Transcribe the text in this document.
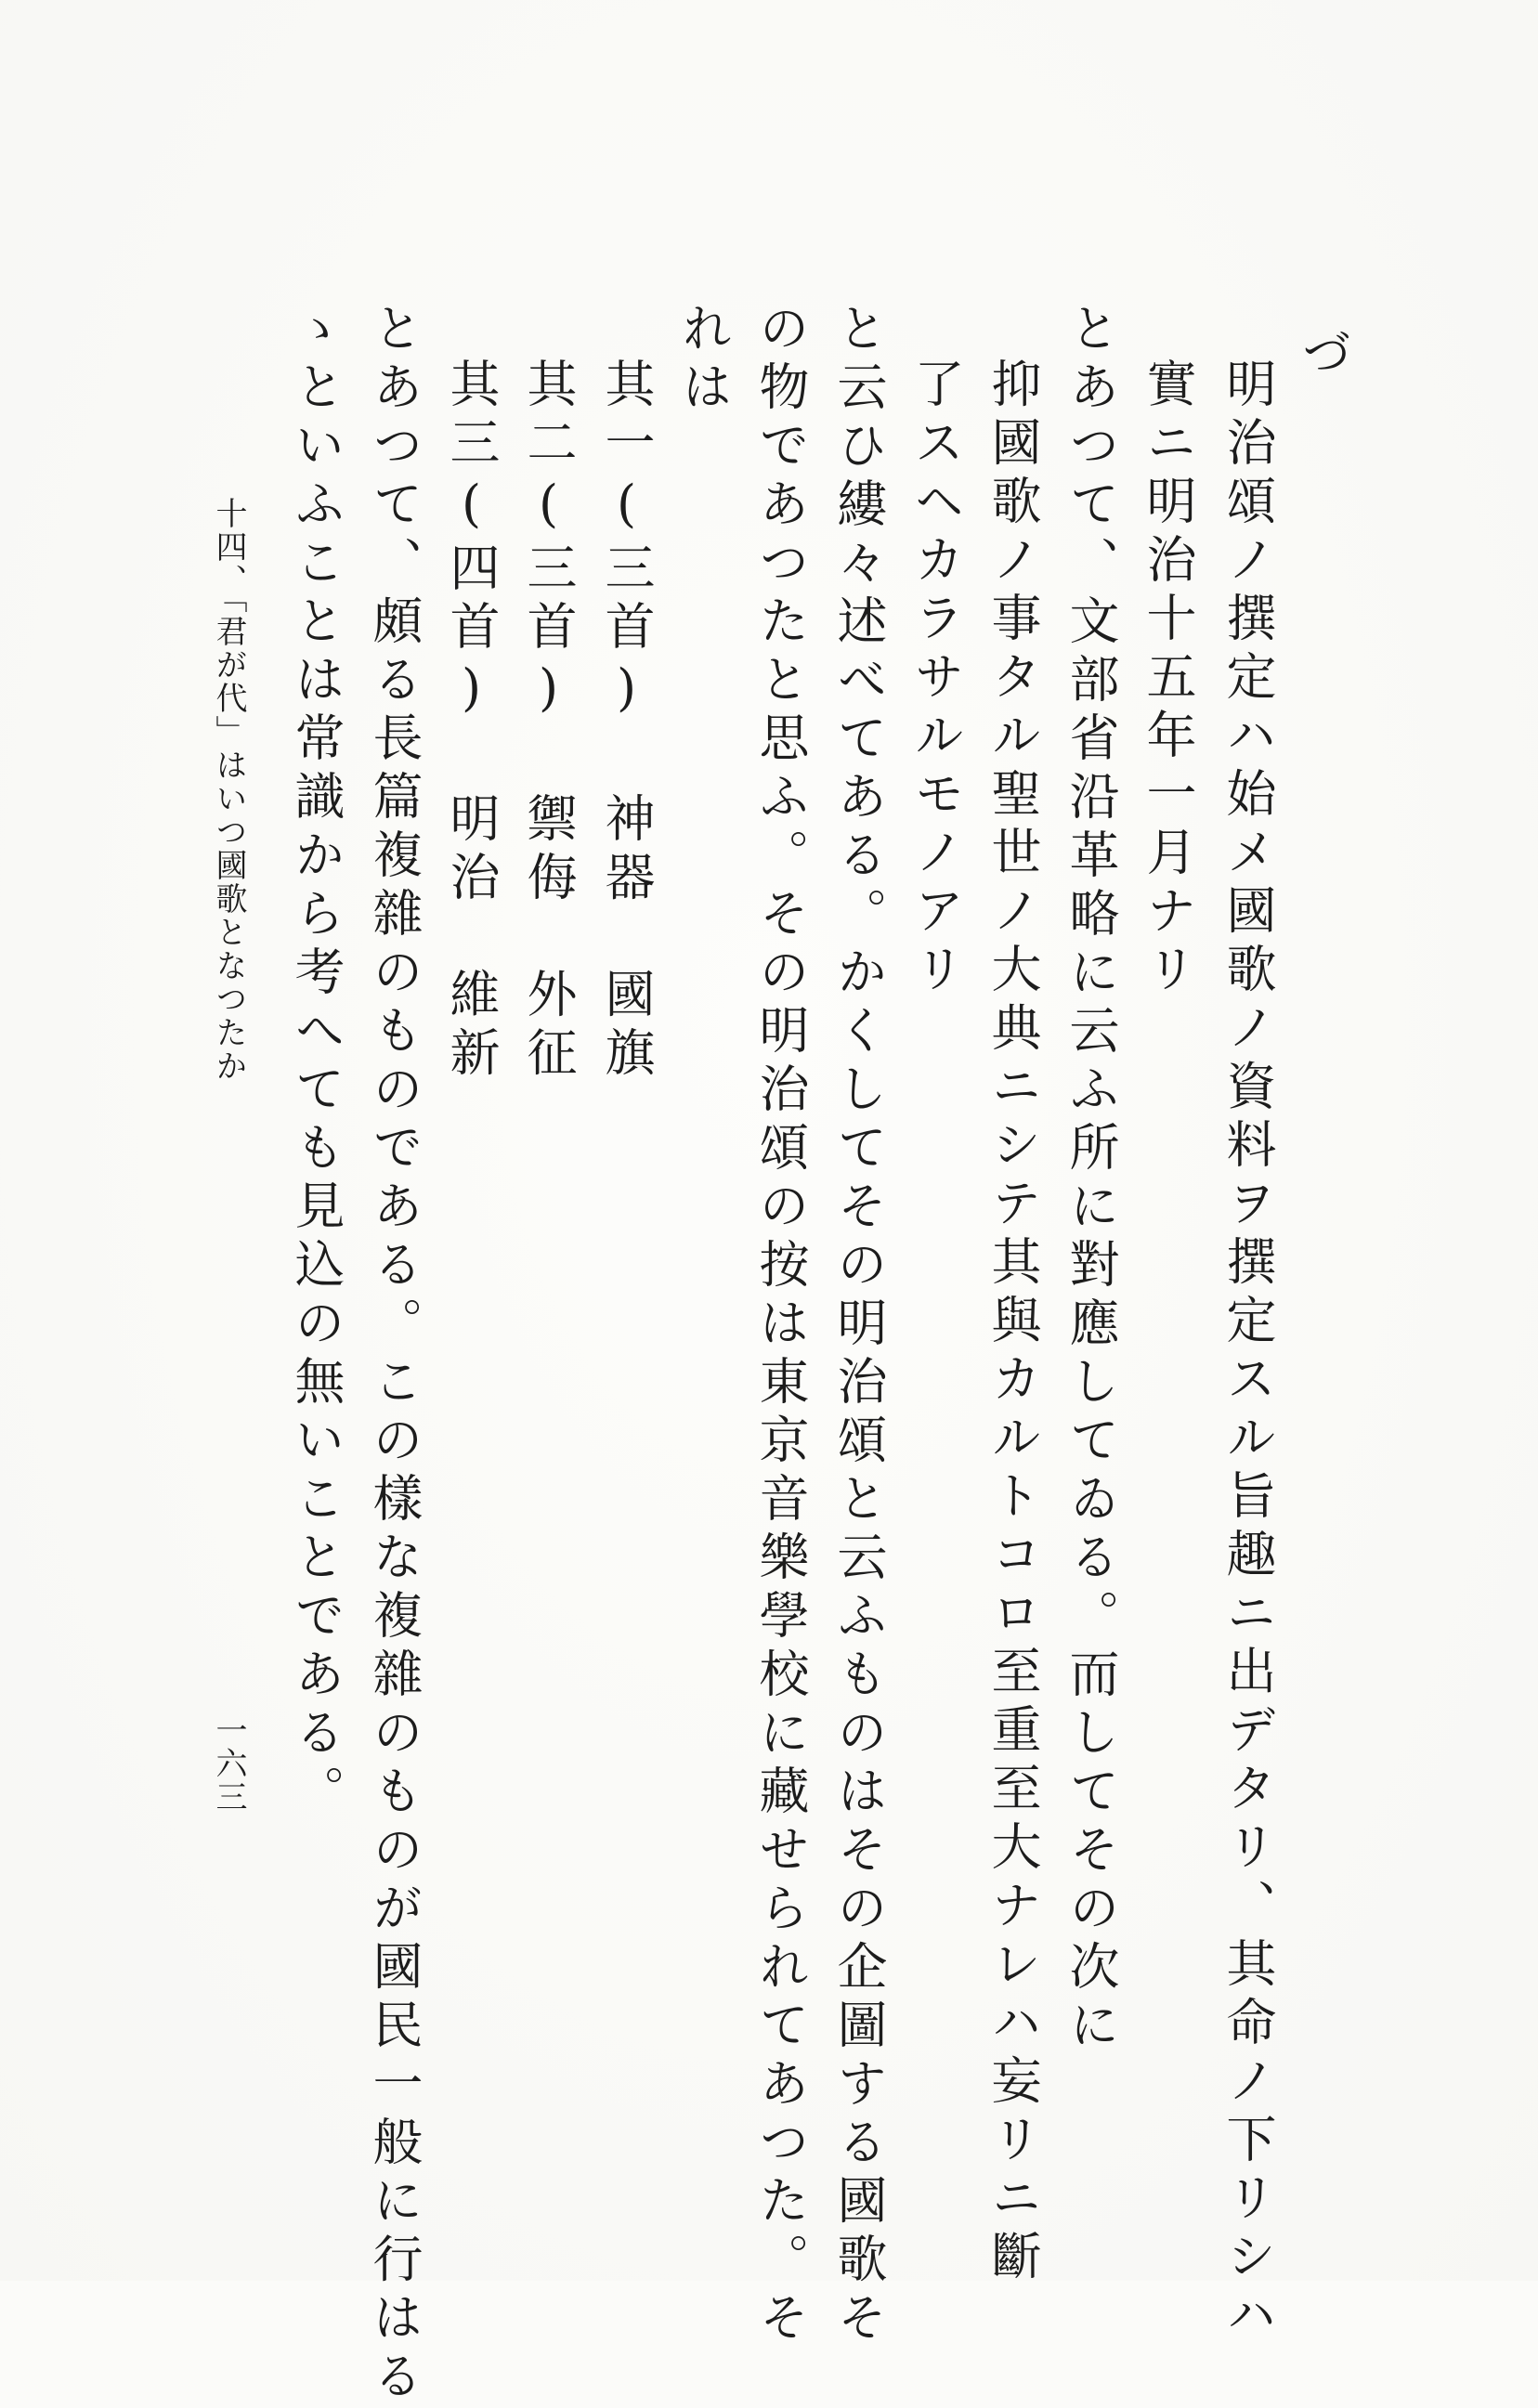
づ
明治頌ノ撰定ハ始メ國歌ノ資料ヲ撰定スル旨趣ニ出デタリ、其命ノ下リシハ
實ニ明治十五年一月ナリ
とあつて、文部省沿革略に云ふ所に對應してゐる。而してその次に
抑國歌ノ事タル聖世ノ大典ニシテ其與カルトコロ至重至大ナレハ妄リニ斷
了スヘカラサルモノアリ
と云ひ縷々述べてある。かくしてその明治頌と云ふものはその企圖する國歌そ
の物であつたと思ふ。その明治頌の按は東京音樂學校に藏せられてあつた。そ
れは
其一(三首) 神器　國旗
其二(三首) 禦侮　外征
其三(四首) 明治　維新
とあつて、頗る長篇複雜のものである。この樣な複雜のものが國民一般に行はる
ゝといふことは常識から考へても見込の無いことである。
十四、「君が代」はいつ國歌となつたか
一六三
